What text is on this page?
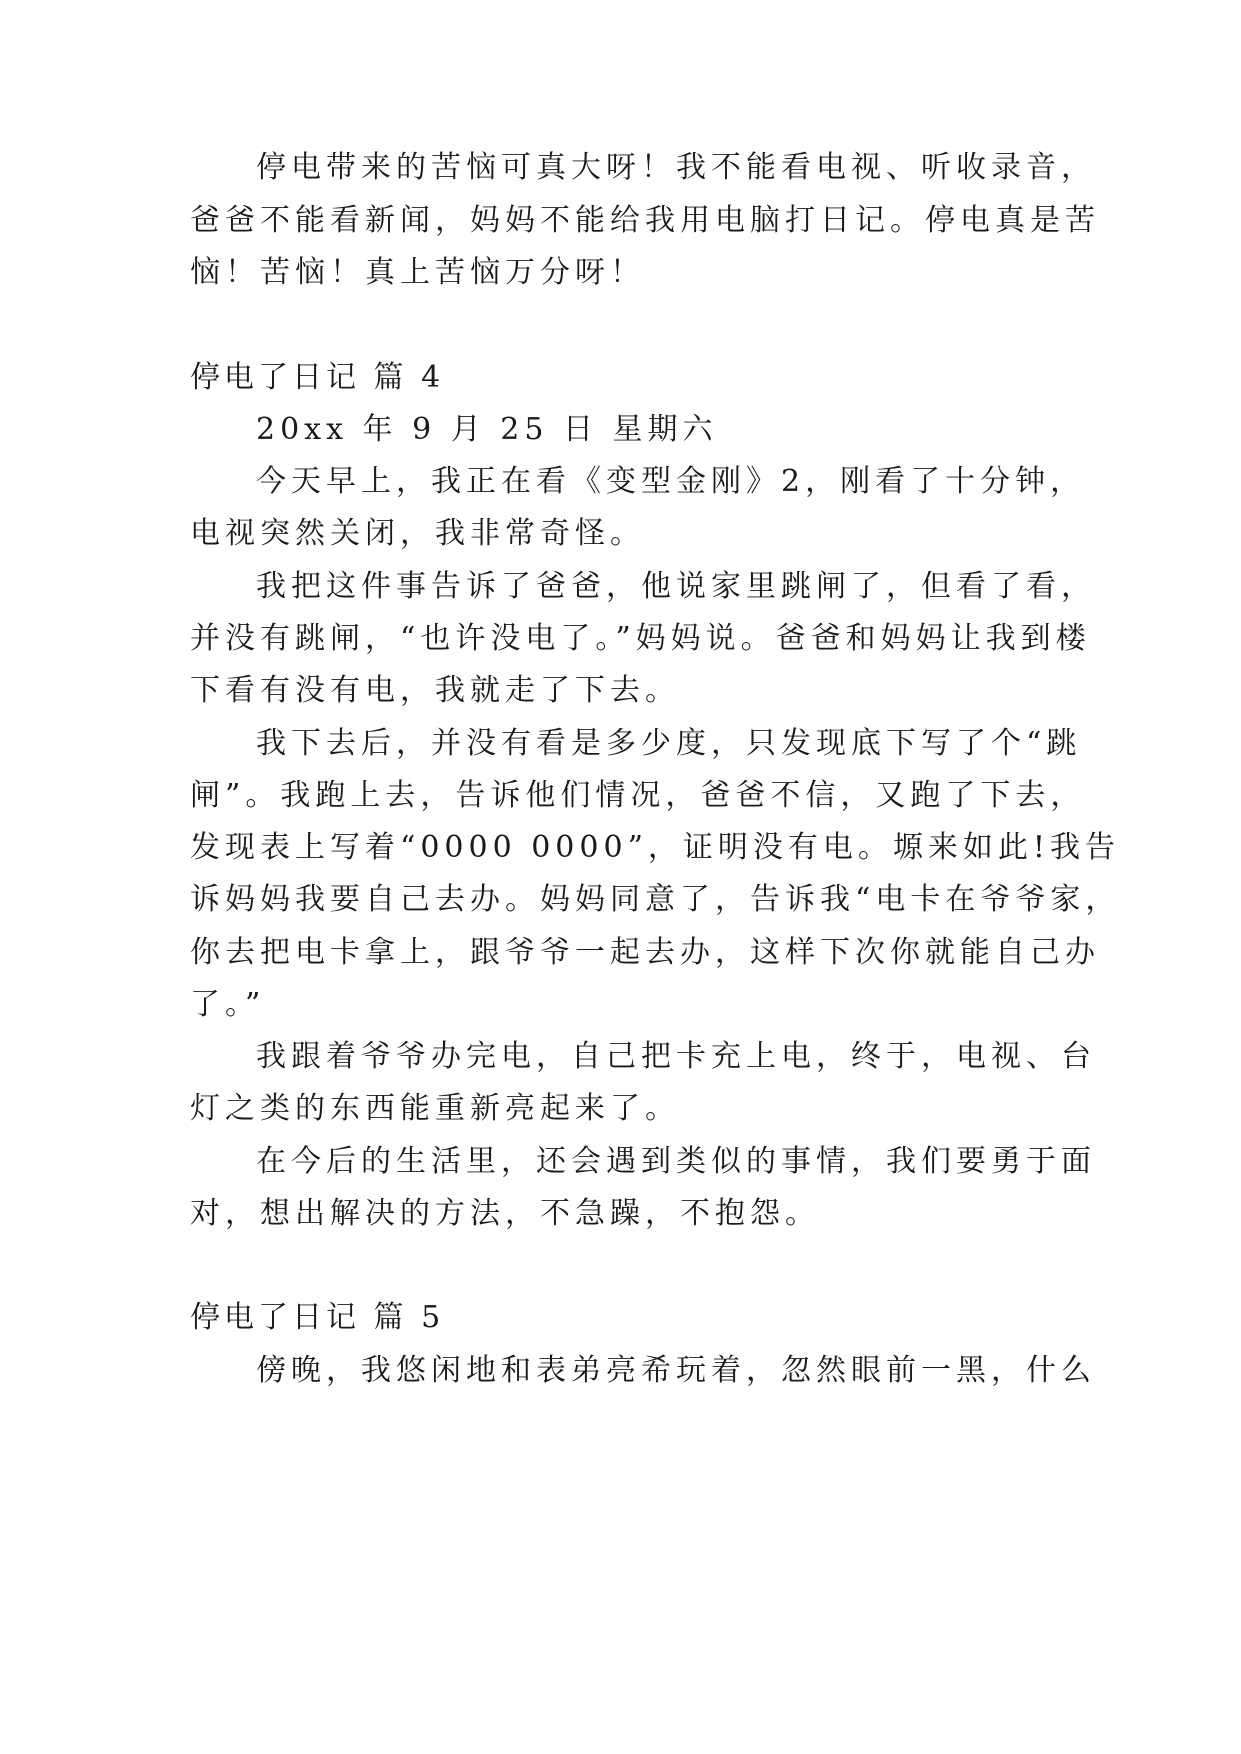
停电带来的苦恼可真大呀！我不能看电视、听收录音，
爸爸不能看新闻，妈妈不能给我用电脑打日记。停电真是苦
恼！苦恼！真上苦恼万分呀！
停电了日记 篇 4
20xx 年 9 月 25 日 星期六
今天早上，我正在看《变型金刚》2，刚看了十分钟，
电视突然关闭，我非常奇怪。
我把这件事告诉了爸爸，他说家里跳闸了，但看了看，
并没有跳闸，“也许没电了。”妈妈说。爸爸和妈妈让我到楼
下看有没有电，我就走了下去。
我下去后，并没有看是多少度，只发现底下写了个“跳
闸”。我跑上去，告诉他们情况，爸爸不信，又跑了下去，
发现表上写着“0000 0000”，证明没有电。塬来如此!我告
诉妈妈我要自己去办。妈妈同意了，告诉我“电卡在爷爷家，
你去把电卡拿上，跟爷爷一起去办，这样下次你就能自己办
了。”
我跟着爷爷办完电，自己把卡充上电，终于，电视、台
灯之类的东西能重新亮起来了。
在今后的生活里，还会遇到类似的事情，我们要勇于面
对，想出解决的方法，不急躁，不抱怨。
停电了日记 篇 5
傍晚，我悠闲地和表弟亮希玩着，忽然眼前一黑，什么
